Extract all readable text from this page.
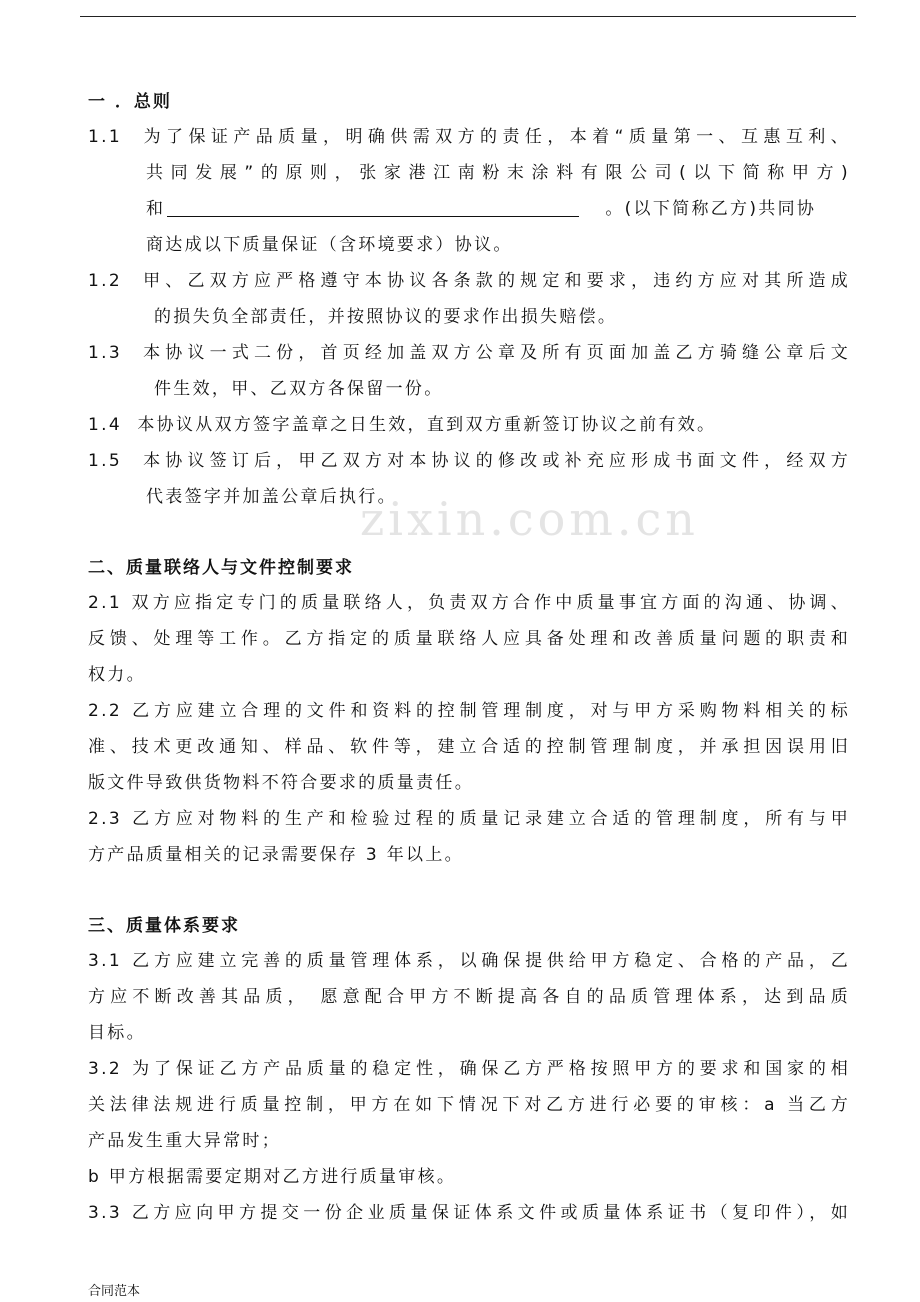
zixin.com.cn
一 ．总则
1.1  为了保证产品质量，明确供需双方的责任，本着“质量第一、互惠互利、
共同发展”的原则，张家港江南粉末涂料有限公司(以下简称甲方)
和	。(以下简称乙方)共同协
商达成以下质量保证（含环境要求）协议。
1.2  甲、乙双方应严格遵守本协议各条款的规定和要求，违约方应对其所造成
的损失负全部责任，并按照协议的要求作出损失赔偿。
1.3  本协议一式二份，首页经加盖双方公章及所有页面加盖乙方骑缝公章后文
件生效，甲、乙双方各保留一份。
1.4  本协议从双方签字盖章之日生效，直到双方重新签订协议之前有效。
1.5  本协议签订后，甲乙双方对本协议的修改或补充应形成书面文件，经双方
代表签字并加盖公章后执行。
二、质量联络人与文件控制要求
2.1 双方应指定专门的质量联络人，负责双方合作中质量事宜方面的沟通、协调、
反馈、处理等工作。乙方指定的质量联络人应具备处理和改善质量问题的职责和
权力。
2.2 乙方应建立合理的文件和资料的控制管理制度，对与甲方采购物料相关的标
准、技术更改通知、样品、软件等，建立合适的控制管理制度，并承担因误用旧
版文件导致供货物料不符合要求的质量责任。
2.3 乙方应对物料的生产和检验过程的质量记录建立合适的管理制度，所有与甲
方产品质量相关的记录需要保存 3 年以上。
三、质量体系要求
3.1 乙方应建立完善的质量管理体系，以确保提供给甲方稳定、合格的产品，乙
方应不断改善其品质， 愿意配合甲方不断提高各自的品质管理体系，达到品质
目标。
3.2 为了保证乙方产品质量的稳定性，确保乙方严格按照甲方的要求和国家的相
关法律法规进行质量控制，甲方在如下情况下对乙方进行必要的审核：a 当乙方
产品发生重大异常时；
b 甲方根据需要定期对乙方进行质量审核。
3.3 乙方应向甲方提交一份企业质量保证体系文件或质量体系证书（复印件），如
合同范本
